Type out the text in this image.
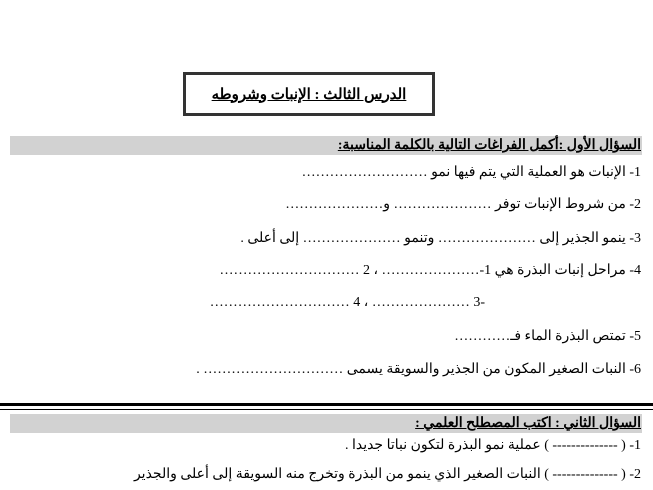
الدرس الثالث : الإنبات وشروطه
السؤال الأول :أكمل الفراغات التالية بالكلمة المناسبة:
1- الإنبات هو العملية التي يتم فيها نمو ………………………
2- من شروط الإنبات توفر ………………… و…………………
3- ينمو الجذير إلى ………………… وتنمو ………………… إلى أعلى .
4- مراحل إنبات البذرة هي 1-………………… ، 2 …………………………
-3 ………………… ، 4 …………………………
5- تمتص البذرة الماء فـ…………
6- النبات الصغير المكون من الجذير والسويقة يسمى ………………………… .
السؤال الثاني : اكتب المصطلح العلمي :
1- ( -------------- ) عملية نمو البذرة لتكون نباتا جديدا .
2- ( -------------- ) النبات الصغير الذي ينمو من البذرة وتخرج منه السويقة إلى أعلى والجذير
